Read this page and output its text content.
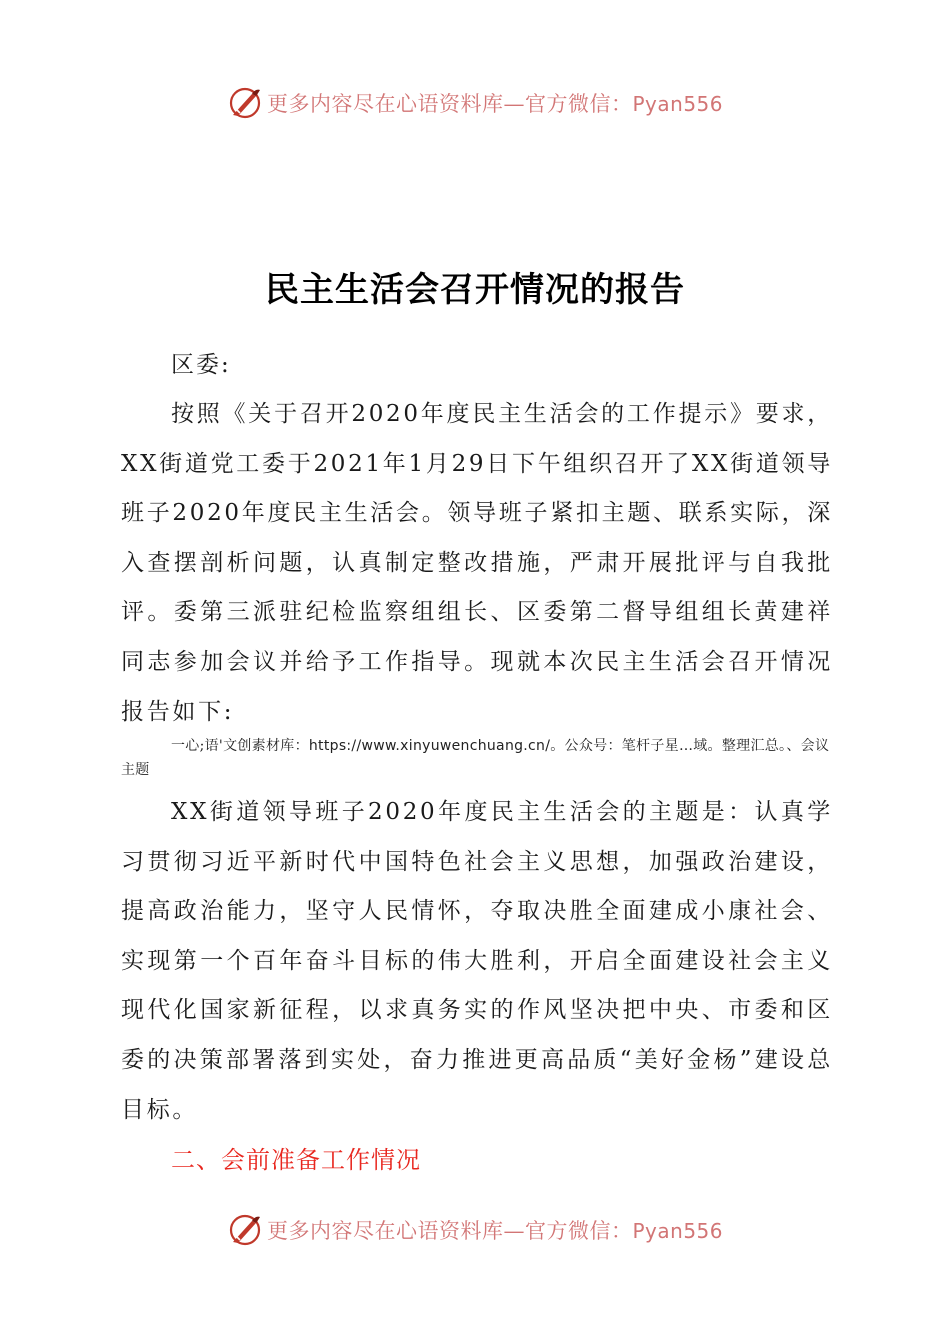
更多内容尽在心语资料库—官方微信：Pyan556
民主生活会召开情况的报告
区委:

按照《关于召开2020年度民主生活会的工作提示》要求，XX街道党工委于2021年1月29日下午组织召开了XX街道领导班子2020年度民主生活会。领导班子紧扣主题、联系实际，深入查摆剖析问题，认真制定整改措施，严肃开展批评与自我批评。委第三派驻纪检监察组组长、区委第二督导组组长黄建祥同志参加会议并给予工作指导。现就本次民主生活会召开情况报告如下:

一心;语'文创素材库：https://www.xinyuwenchuang.cn/。公众号：笔杆子星…域。整理汇总。、会议主题

XX街道领导班子2020年度民主生活会的主题是：认真学习贯彻习近平新时代中国特色社会主义思想，加强政治建设，提高政治能力，坚守人民情怀，夺取决胜全面建成小康社会、实现第一个百年奋斗目标的伟大胜利，开启全面建设社会主义现代化国家新征程，以求真务实的作风坚决把中央、市委和区委的决策部署落到实处，奋力推进更高品质“美好金杨”建设总目标。

二、会前准备工作情况
更多内容尽在心语资料库—官方微信：Pyan556
